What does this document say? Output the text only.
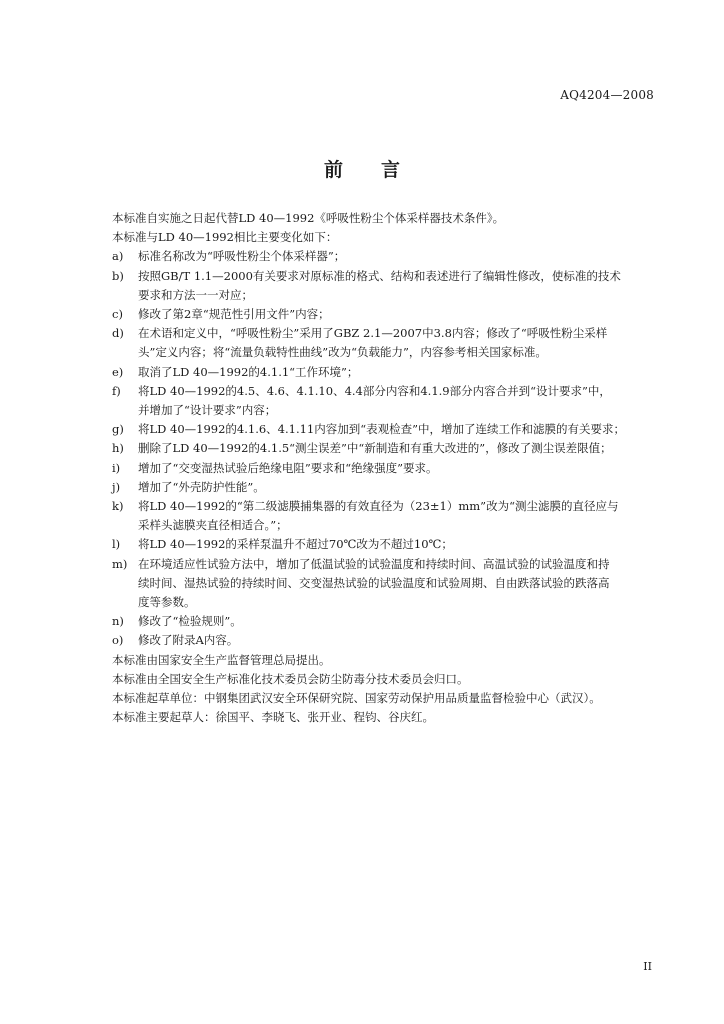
AQ4204—2008
前 言

本标准自实施之日起代替LD 40—1992《呼吸性粉尘个体采样器技术条件》。

本标准与LD 40—1992相比主要变化如下：

a)	标准名称改为“呼吸性粉尘个体采样器”；
b)	按照GB/T 1.1—2000有关要求对原标准的格式、结构和表述进行了编辑性修改，使标准的技术
要求和方法一一对应；
c)	修改了第2章“规范性引用文件”内容；
d)	在术语和定义中，“呼吸性粉尘”采用了GBZ 2.1—2007中3.8内容；修改了“呼吸性粉尘采样
头”定义内容；将“流量负载特性曲线”改为“负载能力”，内容参考相关国家标准。
e)	取消了LD 40—1992的4.1.1“工作环境”；
f)	将LD 40—1992的4.5、4.6、4.1.10、4.4部分内容和4.1.9部分内容合并到“设计要求”中，
并增加了“设计要求”内容；
g)	将LD 40—1992的4.1.6、4.1.11内容加到“表观检查”中，增加了连续工作和滤膜的有关要求；
h)	删除了LD 40—1992的4.1.5“测尘误差”中“新制造和有重大改进的”，修改了测尘误差限值；
i)	增加了“交变湿热试验后绝缘电阻”要求和“绝缘强度”要求。
j)	增加了“外壳防护性能”。
k)	将LD 40—1992的“第二级滤膜捕集器的有效直径为（23±1）mm”改为“测尘滤膜的直径应与
采样头滤膜夹直径相适合。”；
l)	将LD 40—1992的采样泵温升不超过70℃改为不超过10℃；
m) 在环境适应性试验方法中，增加了低温试验的试验温度和持续时间、高温试验的试验温度和持
续时间、湿热试验的持续时间、交变湿热试验的试验温度和试验周期、自由跌落试验的跌落高
度等参数。
n)	修改了“检验规则”。
o)	修改了附录A内容。

本标准由国家安全生产监督管理总局提出。

本标准由全国安全生产标准化技术委员会防尘防毒分技术委员会归口。

本标准起草单位：中钢集团武汉安全环保研究院、国家劳动保护用品质量监督检验中心（武汉）。

本标准主要起草人：徐国平、李晓飞、张开业、程钧、谷庆红。

II
